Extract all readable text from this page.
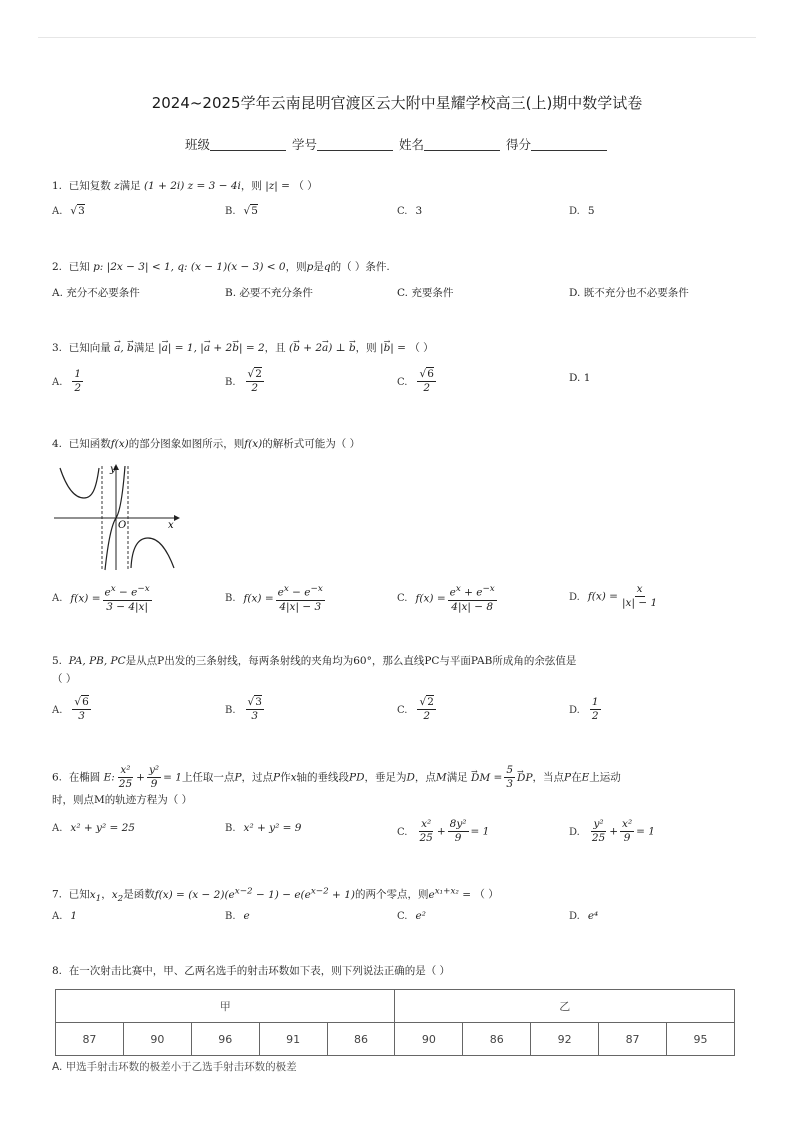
2024~2025学年云南昆明官渡区云大附中星耀学校高三(上)期中数学试卷
班级	学号	姓名	得分
1. 已知复数 z满足 (1 + 2i) z = 3 − 4i，则 |z| = （ ）
A. √3	B. √5	C. 3	D. 5
2. 已知 p: |2x − 3| < 1, q: (x − 1)(x − 3) < 0，则p是q的（ ）条件.
A. 充分不必要条件	B. 必要不充分条件	C. 充要条件	D. 既不充分也不必要条件
3. 已知向量 → a, → b满足 |→ a| = 1, |→ a + 2→ b| = 2，且 (→ b + 2→ a) ⊥ → b，则 |→ b| = （ ）
A. $\frac{1}{2}$	B. $\frac{√2}{2}$	C. $\frac{√6}{2}$	D. 1
4. 已知函数f(x)的部分图象如图所示，则f(x)的解析式可能为（ ）
y
O	x
A. $f(x) = \frac{e^x - e^{-x}}{3 - 4|x|}$	B. $f(x) = \frac{e^x - e^{-x}}{4|x| - 3}$	C. $f(x) = \frac{e^x + e^{-x}}{4|x| - 8}$	D. $f(x) = \frac{x}{|x| - 1}$
5. PA, PB, PC是从点P出发的三条射线，每两条射线的夹角均为60°，那么直线PC与平面PAB所成角的余弦值是
（ ）
A. $\frac{√6}{3}$	B. $\frac{√3}{3}$	C. $\frac{√2}{2}$	D. $\frac{1}{2}$
6. 在椭圆 E: $\frac{\text{x²}}{25} + \frac{\text{y²}}{9} = 1$上任取一点P，过点P作x轴的垂线段PD，垂足为D，点M满足 → DM = $\frac{5}{3}$ → DP，当点P在E上运动
时，则点M的轨迹方程为（ ）
A. x² + y² = 25	B. x² + y² = 9	C. $\frac{\text{x²}}{25} + \frac{\text{8y²}}{9} = 1$	D. $\frac{\text{y²}}{25} + \frac{\text{x²}}{9} = 1$
7. 已知$x_1$，$x_2$是函数$f(x) = (x - 2)(e^{x-2} - 1) - e(e^{x-2} + 1)$的两个零点，则$e^{x_1+x_2}$ = （ ）
A. 1	B. e	C. e²	D. e⁴
8. 在一次射击比赛中，甲、乙两名选手的射击环数如下表，则下列说法正确的是（ ）
甲					乙				
87	90	96	91	86	90	86	92	87	95
A. 甲选手射击环数的极差小于乙选手射击环数的极差
